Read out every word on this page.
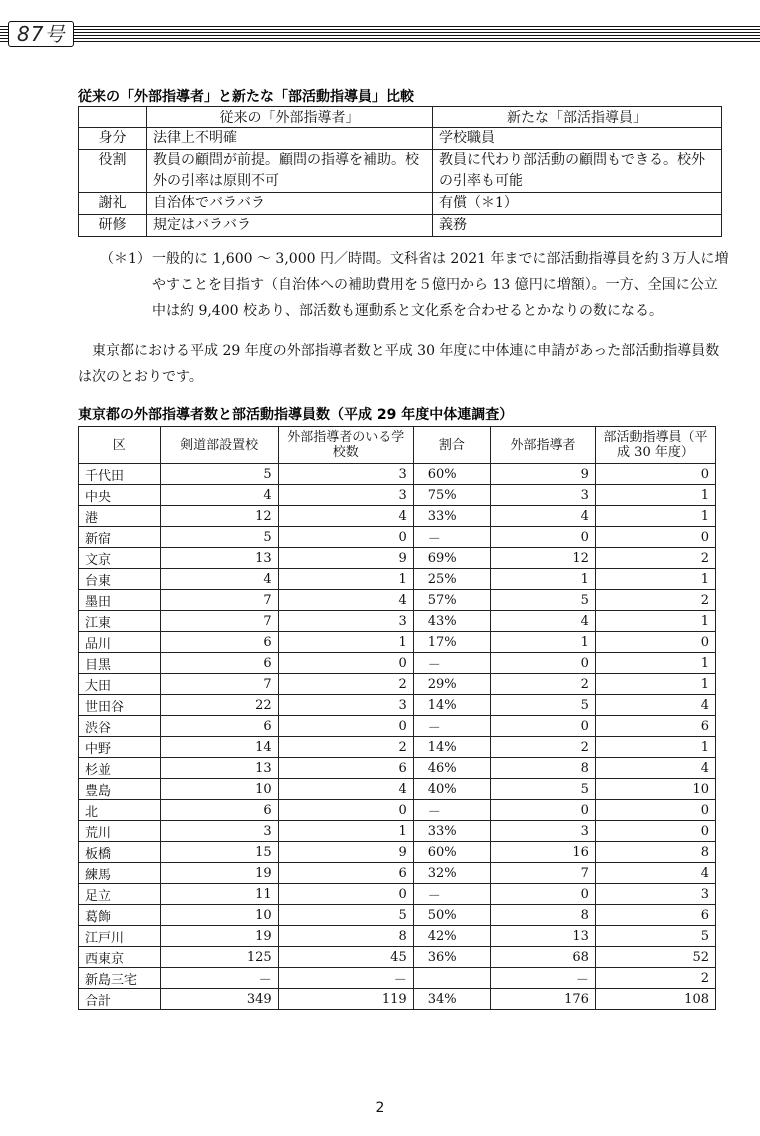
87号
従来の「外部指導者」と新たな「部活動指導員」比較
	従来の「外部指導者」	新たな「部活指導員」
身分	法律上不明確	学校職員
役割	教員の顧問が前提。顧問の指導を補助。校外の引率は原則不可	教員に代わり部活動の顧問もできる。校外の引率も可能
謝礼	自治体でバラバラ	有償（＊1）
研修	規定はバラバラ	義務
（＊1） 一般的に 1,600 ～ 3,000 円／時間。文科省は 2021 年までに部活動指導員を約３万人に増やすことを目指す（自治体への補助費用を５億円から 13 億円に増額）。一方、全国に公立中は約 9,400 校あり、部活数も運動系と文化系を合わせるとかなりの数になる。
東京都における平成 29 年度の外部指導者数と平成 30 年度に中体連に申請があった部活動指導員数は次のとおりです。
東京都の外部指導者数と部活動指導員数（平成 29 年度中体連調査）
区	剣道部設置校	外部指導者のいる学校数	割合	外部指導者	部活動指導員（平成 30 年度）
千代田	5	3	60%	9	0
中央	4	3	75%	3	1
港	12	4	33%	4	1
新宿	5	0	－	0	0
文京	13	9	69%	12	2
台東	4	1	25%	1	1
墨田	7	4	57%	5	2
江東	7	3	43%	4	1
品川	6	1	17%	1	0
目黒	6	0	－	0	1
大田	7	2	29%	2	1
世田谷	22	3	14%	5	4
渋谷	6	0	－	0	6
中野	14	2	14%	2	1
杉並	13	6	46%	8	4
豊島	10	4	40%	5	10
北	6	0	－	0	0
荒川	3	1	33%	3	0
板橋	15	9	60%	16	8
練馬	19	6	32%	7	4
足立	11	0	－	0	3
葛飾	10	5	50%	8	6
江戸川	19	8	42%	13	5
西東京	125	45	36%	68	52
新島三宅	－	－		－	2
合計	349	119	34%	176	108
2
